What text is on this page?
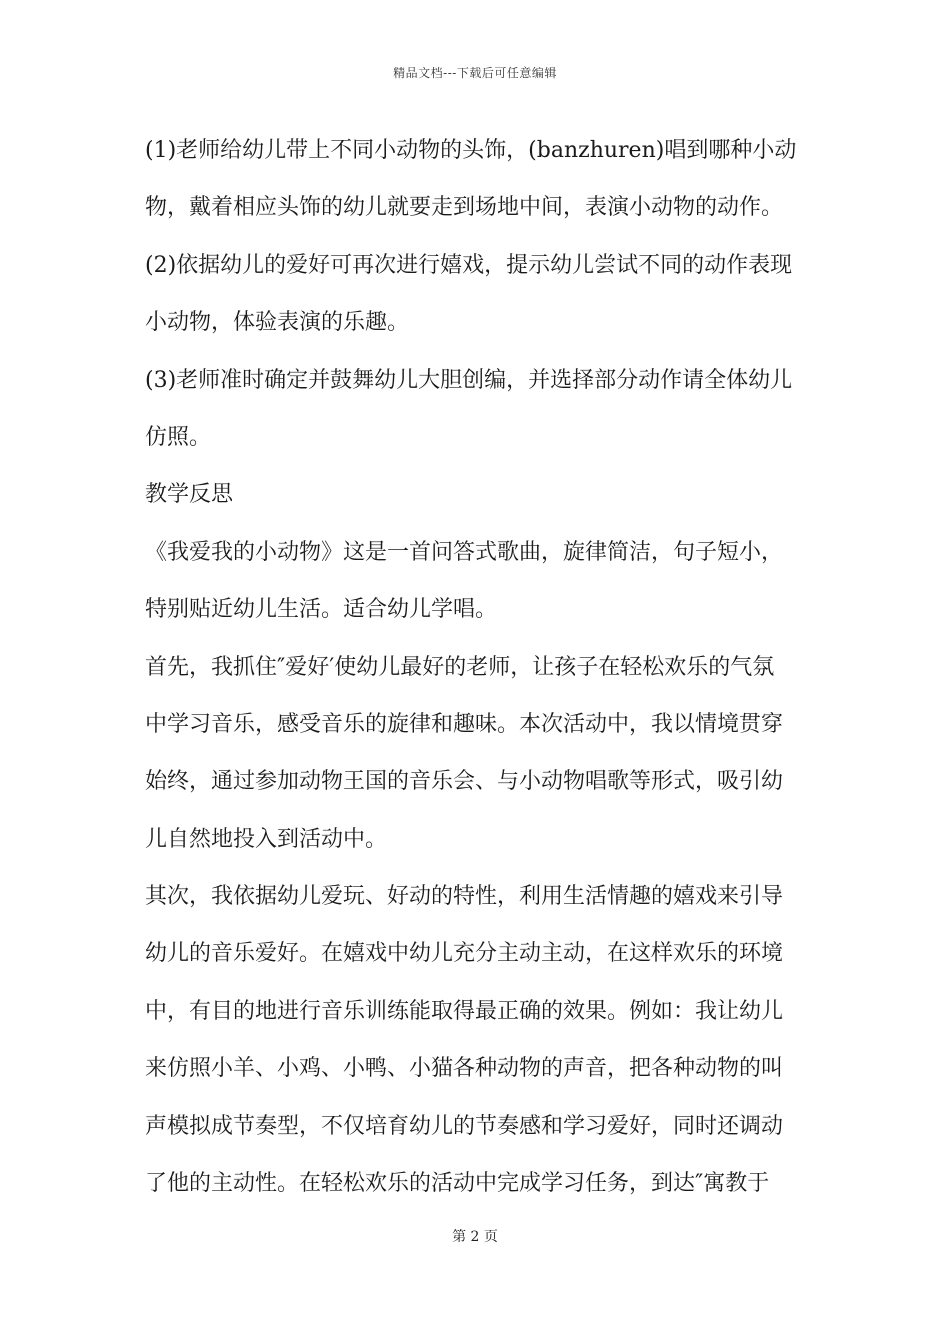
精品文档---下载后可任意编辑
(1)老师给幼儿带上不同小动物的头饰，(banzhuren)唱到哪种小动
物，戴着相应头饰的幼儿就要走到场地中间，表演小动物的动作。
(2)依据幼儿的爱好可再次进行嬉戏，提示幼儿尝试不同的动作表现
小动物，体验表演的乐趣。
(3)老师准时确定并鼓舞幼儿大胆创编，并选择部分动作请全体幼儿
仿照。
教学反思
《我爱我的小动物》这是一首问答式歌曲，旋律简洁，句子短小，
特别贴近幼儿生活。适合幼儿学唱。
首先，我抓住″爱好′使幼儿最好的老师，让孩子在轻松欢乐的气氛
中学习音乐，感受音乐的旋律和趣味。本次活动中，我以情境贯穿
始终，通过参加动物王国的音乐会、与小动物唱歌等形式，吸引幼
儿自然地投入到活动中。
其次，我依据幼儿爱玩、好动的特性，利用生活情趣的嬉戏来引导
幼儿的音乐爱好。在嬉戏中幼儿充分主动主动，在这样欢乐的环境
中，有目的地进行音乐训练能取得最正确的效果。例如：我让幼儿
来仿照小羊、小鸡、小鸭、小猫各种动物的声音，把各种动物的叫
声模拟成节奏型，不仅培育幼儿的节奏感和学习爱好，同时还调动
了他的主动性。在轻松欢乐的活动中完成学习任务，到达″寓教于
第 2 页
